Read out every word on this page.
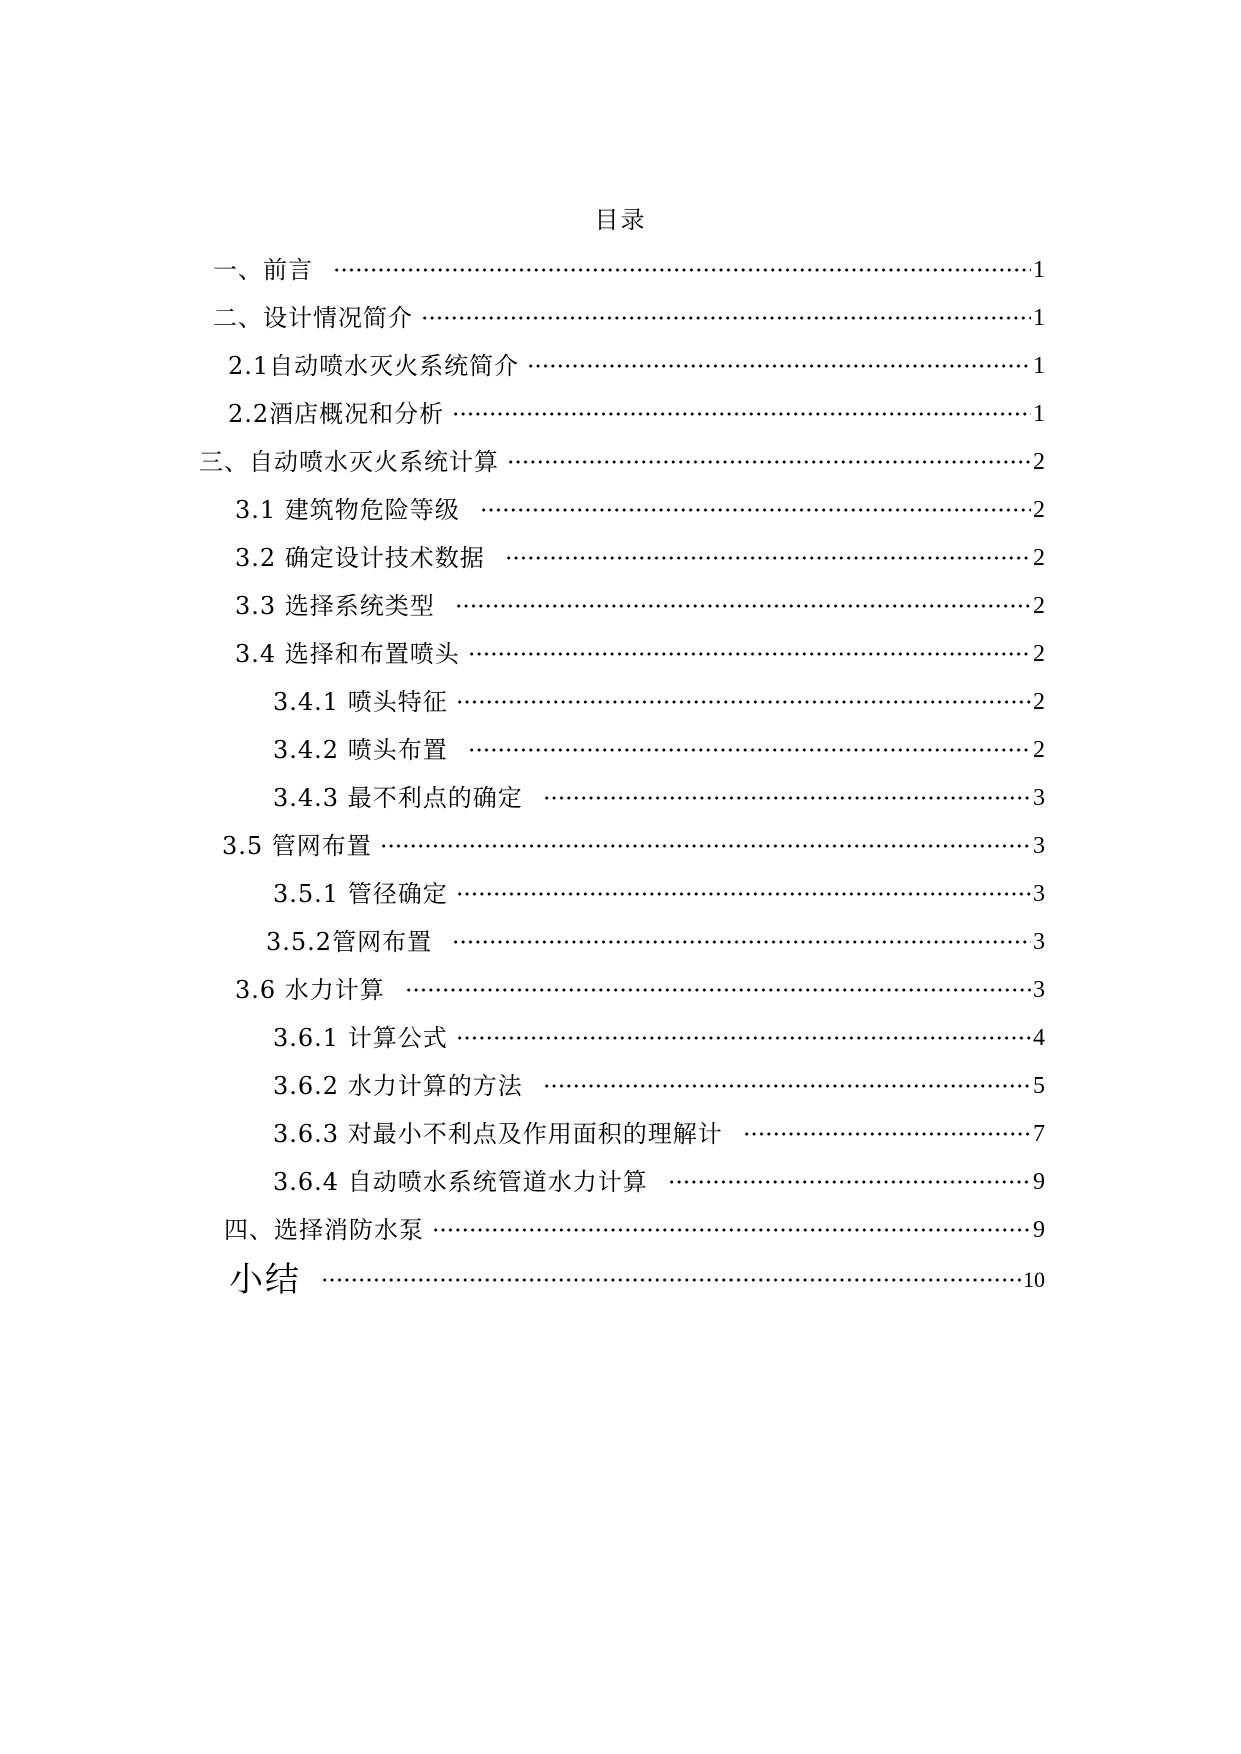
目录
一、前言	1
二、设计情况简介	1
2.1自动喷水灭火系统简介	1
2.2酒店概况和分析	1
三、自动喷水灭火系统计算	2
3.1 建筑物危险等级	2
3.2 确定设计技术数据	2
3.3 选择系统类型	2
3.4 选择和布置喷头	2
3.4.1 喷头特征	2
3.4.2 喷头布置	2
3.4.3 最不利点的确定	3
3.5 管网布置	3
3.5.1 管径确定	3
3.5.2管网布置	3
3.6 水力计算	3
3.6.1 计算公式	4
3.6.2 水力计算的方法	5
3.6.3 对最小不利点及作用面积的理解计	7
3.6.4 自动喷水系统管道水力计算	9
四、选择消防水泵	9
小结	10
